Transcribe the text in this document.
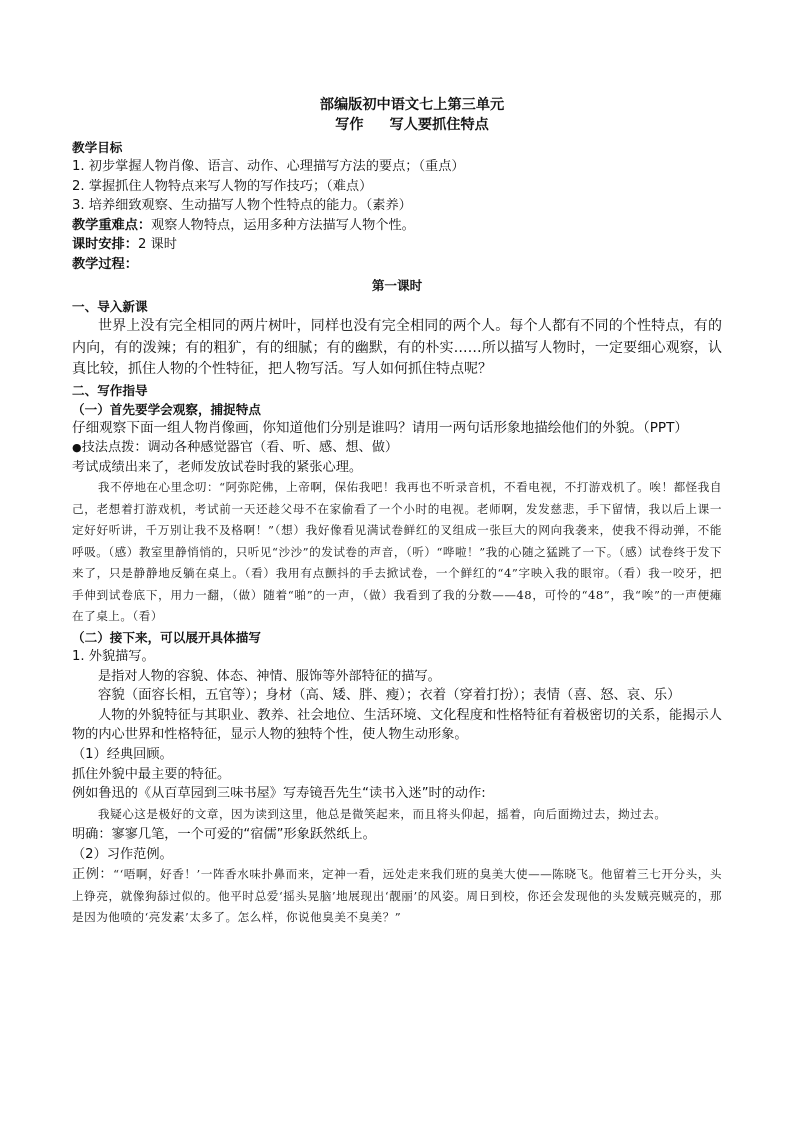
部编版初中语文七上第三单元
写作 写人要抓住特点
教学目标
1. 初步掌握人物肖像、语言、动作、心理描写方法的要点；（重点）
2. 掌握抓住人物特点来写人物的写作技巧；（难点）
3. 培养细致观察、生动描写人物个性特点的能力。（素养）
教学重难点：观察人物特点，运用多种方法描写人物个性。
课时安排：2 课时
教学过程：
第一课时
一、导入新课
世界上没有完全相同的两片树叶，同样也没有完全相同的两个人。每个人都有不同的个性特点，有的内向，有的泼辣；有的粗犷，有的细腻；有的幽默，有的朴实……所以描写人物时，一定要细心观察，认真比较，抓住人物的个性特征，把人物写活。写人如何抓住特点呢？
二、写作指导
（一）首先要学会观察，捕捉特点
仔细观察下面一组人物肖像画，你知道他们分别是谁吗？请用一两句话形象地描绘他们的外貌。（PPT）
●技法点拨：调动各种感觉器官（看、听、感、想、做）
考试成绩出来了，老师发放试卷时我的紧张心理。
我不停地在心里念叨：“阿弥陀佛，上帝啊，保佑我吧！我再也不听录音机，不看电视，不打游戏机了。唉！都怪我自己，老想着打游戏机，考试前一天还趁父母不在家偷看了一个小时的电视。老师啊，发发慈悲，手下留情，我以后上课一定好好听讲，千万别让我不及格啊！”（想）我好像看见满试卷鲜红的叉组成一张巨大的网向我袭来，使我不得动弹，不能呼吸。（感）教室里静悄悄的，只听见“沙沙”的发试卷的声音，（听）“哗啦！”我的心随之猛跳了一下。（感）试卷终于发下来了，只是静静地反躺在桌上。（看）我用有点颤抖的手去掀试卷，一个鲜红的“4”字映入我的眼帘。（看）我一咬牙，把手伸到试卷底下，用力一翻，（做）随着“啪”的一声，（做）我看到了我的分数——48，可怜的“48”，我“唉”的一声便瘫在了桌上。（看）
（二）接下来，可以展开具体描写
1. 外貌描写。
是指对人物的容貌、体态、神情、服饰等外部特征的描写。
容貌（面容长相，五官等）；身材（高、矮、胖、瘦）；衣着（穿着打扮）；表情（喜、怒、哀、乐）
人物的外貌特征与其职业、教养、社会地位、生活环境、文化程度和性格特征有着极密切的关系，能揭示人物的内心世界和性格特征，显示人物的独特个性，使人物生动形象。
（1）经典回顾。
抓住外貌中最主要的特征。
例如鲁迅的《从百草园到三味书屋》写寿镜吾先生“读书入迷”时的动作:
我疑心这是极好的文章，因为读到这里，他总是微笑起来，而且将头仰起，摇着，向后面拗过去，拗过去。
明确：寥寥几笔，一个可爱的“宿儒”形象跃然纸上。
（2）习作范例。
正例：“‘唔啊，好香！’一阵香水味扑鼻而来，定神一看，远处走来我们班的臭美大使——陈晓飞。他留着三七开分头，头上铮亮，就像狗舔过似的。他平时总爱‘摇头晃脑’地展现出‘靓丽’的风姿。周日到校，你还会发现他的头发贼亮贼亮的，那是因为他喷的‘亮发素’太多了。怎么样，你说他臭美不臭美？”
